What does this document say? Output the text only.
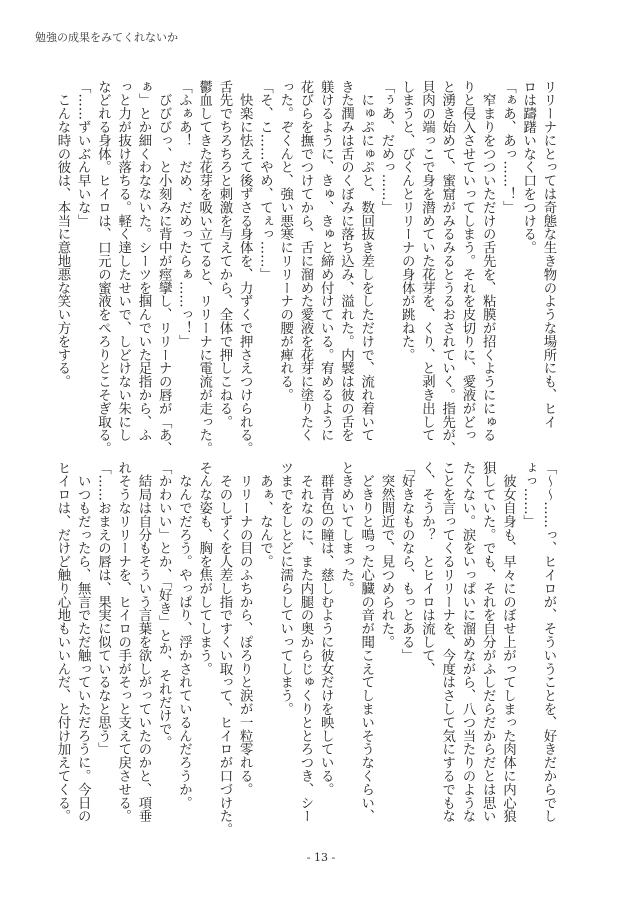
勉強の成果をみてくれないか
リリーナにとっては奇態な生き物のような場所にも、ヒイ
ロは躊躇いなく口をつける。
「ぁあ、あっ……！」
　窄まりをつついただけの舌先を、粘膜が招くようににゅる
りと侵入させていってしまう。それを皮切りに、愛液がどっ
と湧き始めて、蜜窟がみるみるとうるおされていく。指先が、
貝肉の端っこで身を潜めていた花芽を、くり、と剥き出して
しまうと、びくんとリリーナの身体が跳ねた。
「ぅあ、だめっ……」
　にゅぷにゅぷと、数回抜き差しをしただけで、流れ着いて
きた潤みは舌のくぼみに落ち込み、溢れた。内襞は彼の舌を
躾けるように、きゅ、きゅと締め付けている。宥めるように
花びらを撫でつけてから、舌に溜めた愛液を花芽に塗りたく
った。ぞくんと、強い悪寒にリリーナの腰が痺れる。
「そ、こ……やめ、てぇっ……」
　快楽に怯えて後ずさる身体を、力ずくで押さえつけられる。
舌先でちろちろと刺激を与えてから、全体で押しこねる。
鬱血してきた花芽を吸い立てると、リリーナに電流が走った。
「ふぁあ！　だめ、だめったらぁ……っ！」
　びびびっ、と小刻みに背中が痙攣し、リリーナの唇が「あ、
ぁ」とか細くわなないた。シーツを掴んでいた足指から、ふ
っと力が抜け落ちる。軽く達したせいで、しどけない朱にし
などれる身体。ヒイロは、口元の蜜液をぺろりとこそぎ取る。
「……ずいぶん早いな」
　こんな時の彼は、本当に意地悪な笑い方をする。
「～～……っ、ヒイロが、そういうことを、好きだからでし
ょっ……」
　彼女自身も、早々にのぼせ上がってしまった肉体に内心狼
狽していた。でも、それを自分がふしだらだからだとは思い
たくない。涙をいっぱいに溜めながら、八つ当たりのような
ことを言ってくるリリーナを、今度はさして気にするでもな
く、そうか？　とヒイロは流して、
「好きなものなら、もっとある」
　突然間近で、見つめられた。
　どきりと鳴った心臓の音が聞こえてしまいそうなくらい、
ときめいてしまった。
　群青色の瞳は、慈しむように彼女だけを映している。
　それなのに、また内腿の奥からじゅくりととろつき、シー
ツまでをしとどに濡らしていってしまう。
　あぁ、なんで。
　リリーナの目のふちから、ぽろりと涙が一粒零れる。
　そのしずくを人差し指ですくい取って、ヒイロが口づけた。
そんな姿も、胸を焦がしてしまう。
　なんでだろう。やっぱり、浮かされているんだろうか。
「かわいい」とか、「好き」とか、それだけで。
　結局は自分もそういう言葉を欲しがっていたのかと、項垂
れそうなリリーナを、ヒイロの手がそっと支えて戻させる。
「……おまえの唇は、果実に似ているなと思う」
　いつもだったら、無言でただ触っていただろうに。今日の
ヒイロは、だけど触り心地もいいんだ、と付け加えてくる。
- 13 -
